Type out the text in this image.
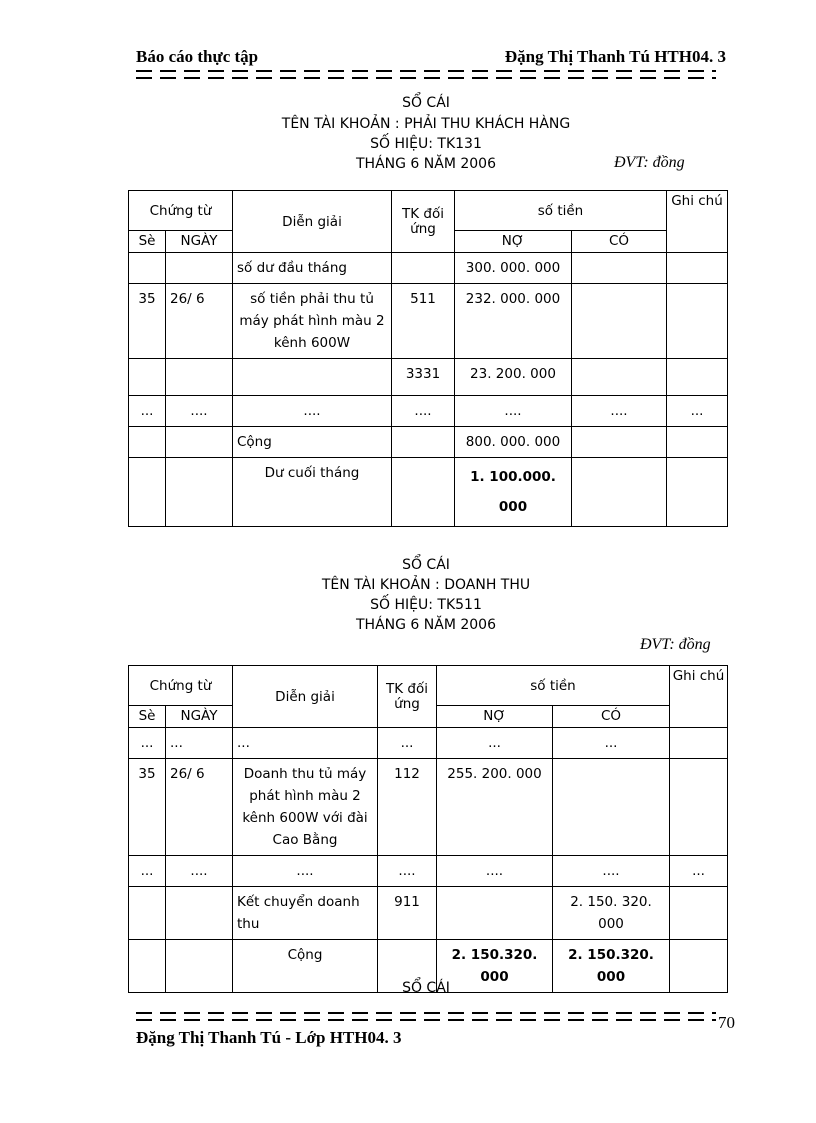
Báo cáo thực tập	Đặng Thị Thanh Tú HTH04. 3
SỔ CÁI
TÊN TÀI KHOẢN : PHẢI THU KHÁCH HÀNG
SỐ HIỆU: TK131
THÁNG 6 NĂM 2006	ĐVT: đồng
Chứng từ		Diễn giải	TK đối ứng	số tiền		Ghi chú
Sè	NGÀY			NỢ	CÓ	
		số dư đầu tháng		300. 000. 000		
35	26/ 6	số tiền phải thu tủ máy phát hình màu 2 kênh 600W	511	232. 000. 000		
			3331	23. 200. 000		
...	....	....	....	....	....	...
		Cộng		800. 000. 000		
		Dư cuối tháng		1. 100.000. 000		
SỔ CÁI
TÊN TÀI KHOẢN : DOANH THU
SỐ HIỆU: TK511
THÁNG 6 NĂM 2006
ĐVT: đồng
Chứng từ		Diễn giải	TK đối ứng	số tiền		Ghi chú
Sè	NGÀY			NỢ	CÓ	
...	...	...	...	...	...	
35	26/ 6	Doanh thu tủ máy phát hình màu 2 kênh 600W với đài Cao Bằng	112	255. 200. 000		
...	....	....	....	....	....	...
		Kết chuyển doanh thu	911		2. 150. 320. 000	
		Cộng		2. 150.320. 000	2. 150.320. 000	
SỔ CÁI
70
Đặng Thị Thanh Tú - Lớp HTH04. 3
